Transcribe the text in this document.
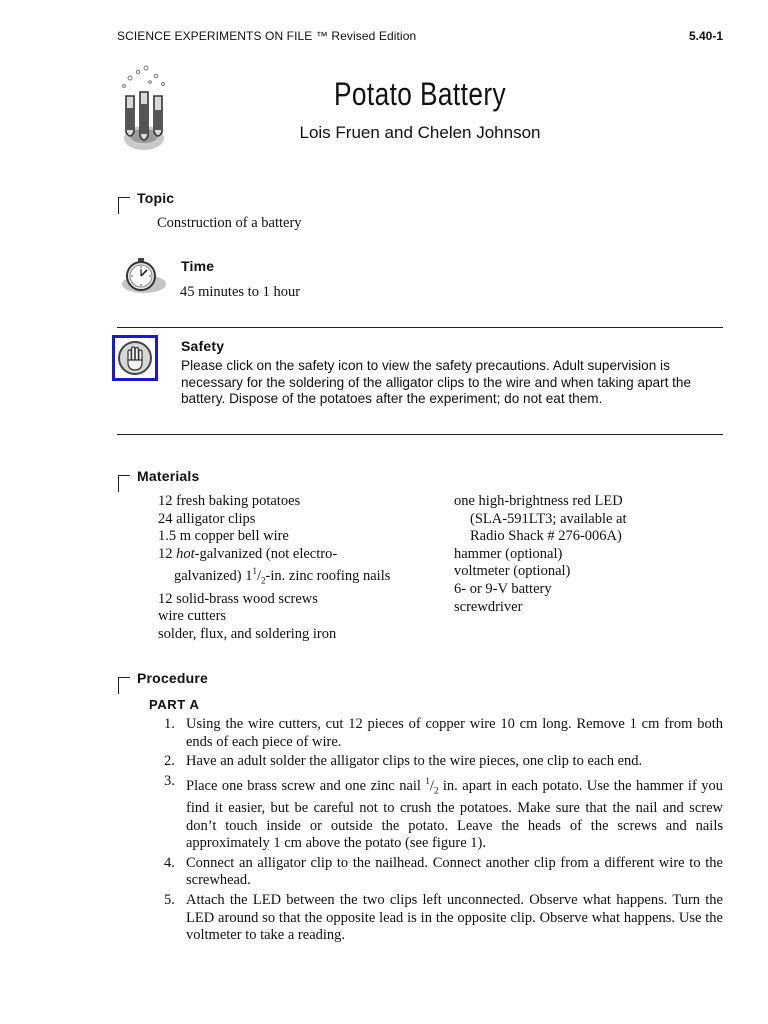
SCIENCE EXPERIMENTS ON FILE ™ Revised Edition	5.40-1
Potato Battery
Lois Fruen and Chelen Johnson
Topic
Construction of a battery
Time
45 minutes to 1 hour
Safety
Please click on the safety icon to view the safety precautions. Adult supervision is necessary for the soldering of the alligator clips to the wire and when taking apart the battery. Dispose of the potatoes after the experiment; do not eat them.
Materials
12 fresh baking potatoes
24 alligator clips
1.5 m copper bell wire
12 hot-galvanized (not electro-
galvanized) $1^1/_2-in$. zinc roofing nails
12 solid-brass wood screws
wire cutters
solder, flux, and soldering iron
one high-brightness red LED
(SLA-591LT3; available at
Radio Shack # 276-006A)
hammer (optional)
voltmeter (optional)
6- or 9-V battery
screwdriver
Procedure
PART A
1. Using the wire cutters, cut 12 pieces of copper wire 10 cm long. Remove 1 cm from both ends of each piece of wire.
2. Have an adult solder the alligator clips to the wire pieces, one clip to each end.
3. Place one brass screw and one zinc nail $^1/_2$ in. apart in each potato. Use the hammer if you find it easier, but be careful not to crush the potatoes. Make sure that the nail and screw don’t touch inside or outside the potato. Leave the heads of the screws and nails approximately 1 cm above the potato (see figure 1).
4. Connect an alligator clip to the nailhead. Connect another clip from a different wire to the screwhead.
5. Attach the LED between the two clips left unconnected. Observe what happens. Turn the LED around so that the opposite lead is in the opposite clip. Observe what happens. Use the voltmeter to take a reading.
